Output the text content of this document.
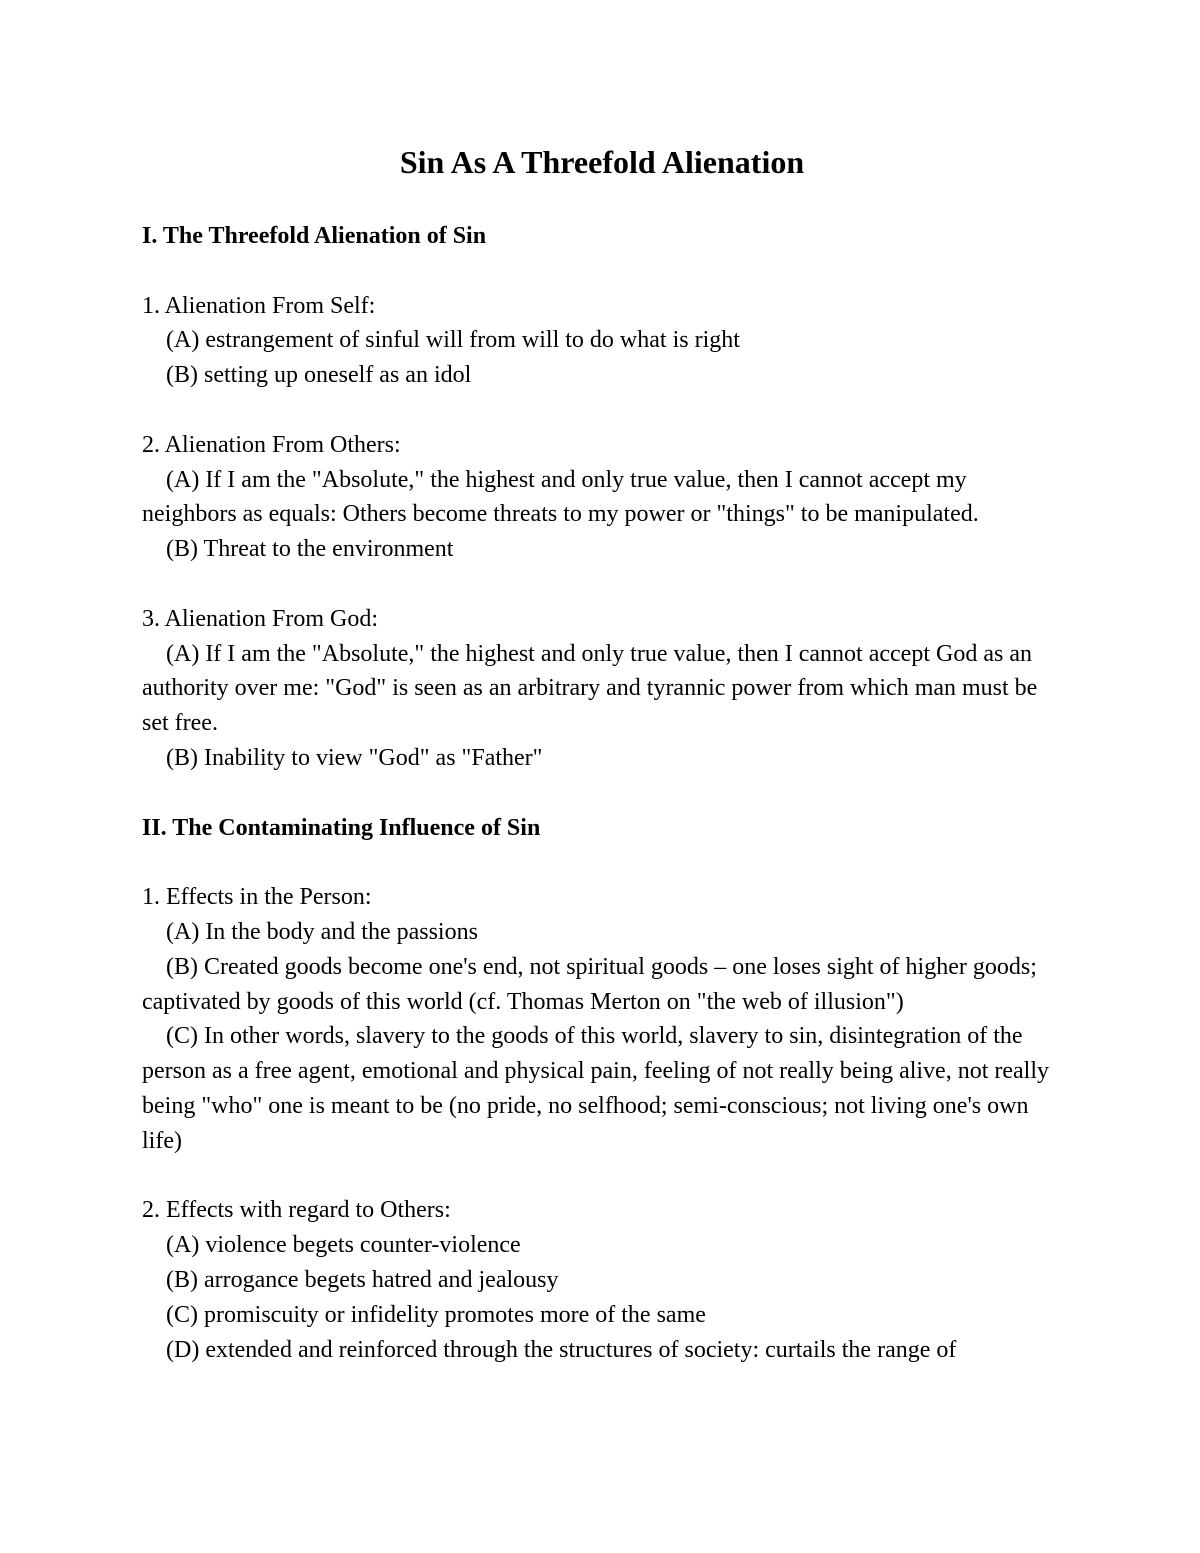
Sin As A Threefold Alienation
I. The Threefold Alienation of Sin

1. Alienation From Self:

(A) estrangement of sinful will from will to do what is right

(B) setting up oneself as an idol

2. Alienation From Others:

(A) If I am the "Absolute," the highest and only true value, then I cannot accept my neighbors as equals: Others become threats to my power or "things" to be manipulated.

(B) Threat to the environment

3. Alienation From God:

(A) If I am the "Absolute," the highest and only true value, then I cannot accept God as an authority over me: "God" is seen as an arbitrary and tyrannic power from which man must be set free.

(B) Inability to view "God" as "Father"

II. The Contaminating Influence of Sin

1. Effects in the Person:

(A) In the body and the passions

(B) Created goods become one's end, not spiritual goods – one loses sight of higher goods; captivated by goods of this world (cf. Thomas Merton on "the web of illusion")

(C) In other words, slavery to the goods of this world, slavery to sin, disintegration of the person as a free agent, emotional and physical pain, feeling of not really being alive, not really being "who" one is meant to be (no pride, no selfhood; semi-conscious; not living one's own life)

2. Effects with regard to Others:

(A) violence begets counter-violence

(B) arrogance begets hatred and jealousy

(C) promiscuity or infidelity promotes more of the same

(D) extended and reinforced through the structures of society: curtails the range of
